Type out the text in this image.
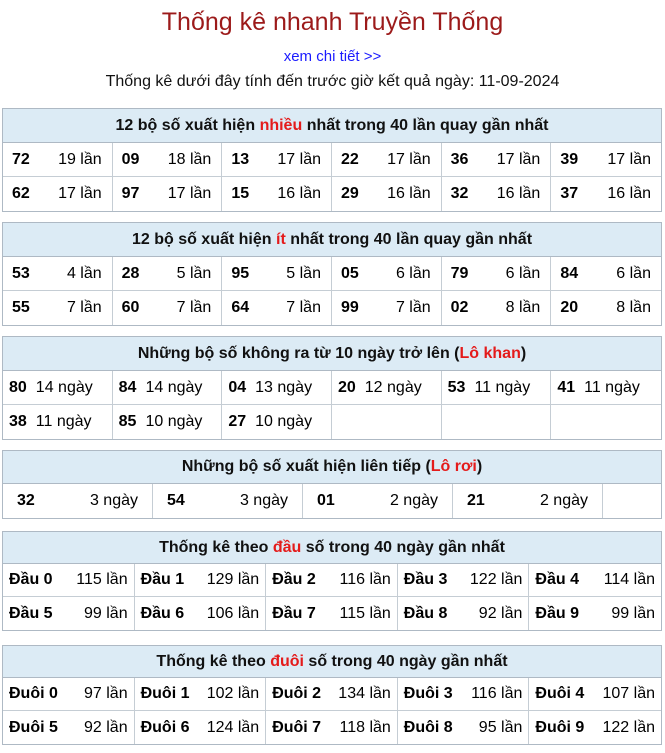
Thống kê nhanh Truyền Thống
xem chi tiết >>
Thống kê dưới đây tính đến trước giờ kết quả ngày: 11-09-2024
12 bộ số xuất hiện
nhiều
nhất trong 40 lần quay gần nhất
72 19 lần 09 18 lần 13 17 lần 22 17 lần 36 17 lần 39 17 lần
62 17 lần 97 17 lần 15 16 lần 29 16 lần 32 16 lần 37 16 lần
12 bộ số xuất hiện
ít
nhất trong 40 lần quay gần nhất
53 4 lần 28 5 lần 95 5 lần 05 6 lần 79 6 lần 84 6 lần
55 7 lần 60 7 lần 64 7 lần 99 7 lần 02 8 lần 20 8 lần
Những bộ số không ra từ 10 ngày trở lên ( Lô khan )
80 14 ngày 84 14 ngày 04 13 ngày 20 12 ngày 53 11 ngày 41 11 ngày
38 11 ngày 85 10 ngày 27 10 ngày
Những bộ số xuất hiện liên tiếp ( Lô rơi )
32	3 ngày 54	3 ngày 01	2 ngày 21	2 ngày
Thống kê theo
đầu
số trong 40 ngày gần nhất
Đầu 0 115 lần Đầu 1 129 lần Đầu 2 116 lần Đầu 3 122 lần Đầu 4 114 lần
Đầu 5 99 lần Đầu 6 106 lần Đầu 7 115 lần Đầu 8 92 lần Đầu 9 99 lần
Thống kê theo
đuôi
số trong 40 ngày gần nhất
Đuôi 0 97 lần Đuôi 1 102 lần Đuôi 2 134 lần Đuôi 3 116 lần Đuôi 4 107 lần
Đuôi 5 92 lần Đuôi 6 124 lần Đuôi 7 118 lần Đuôi 8 95 lần Đuôi 9 122 lần
